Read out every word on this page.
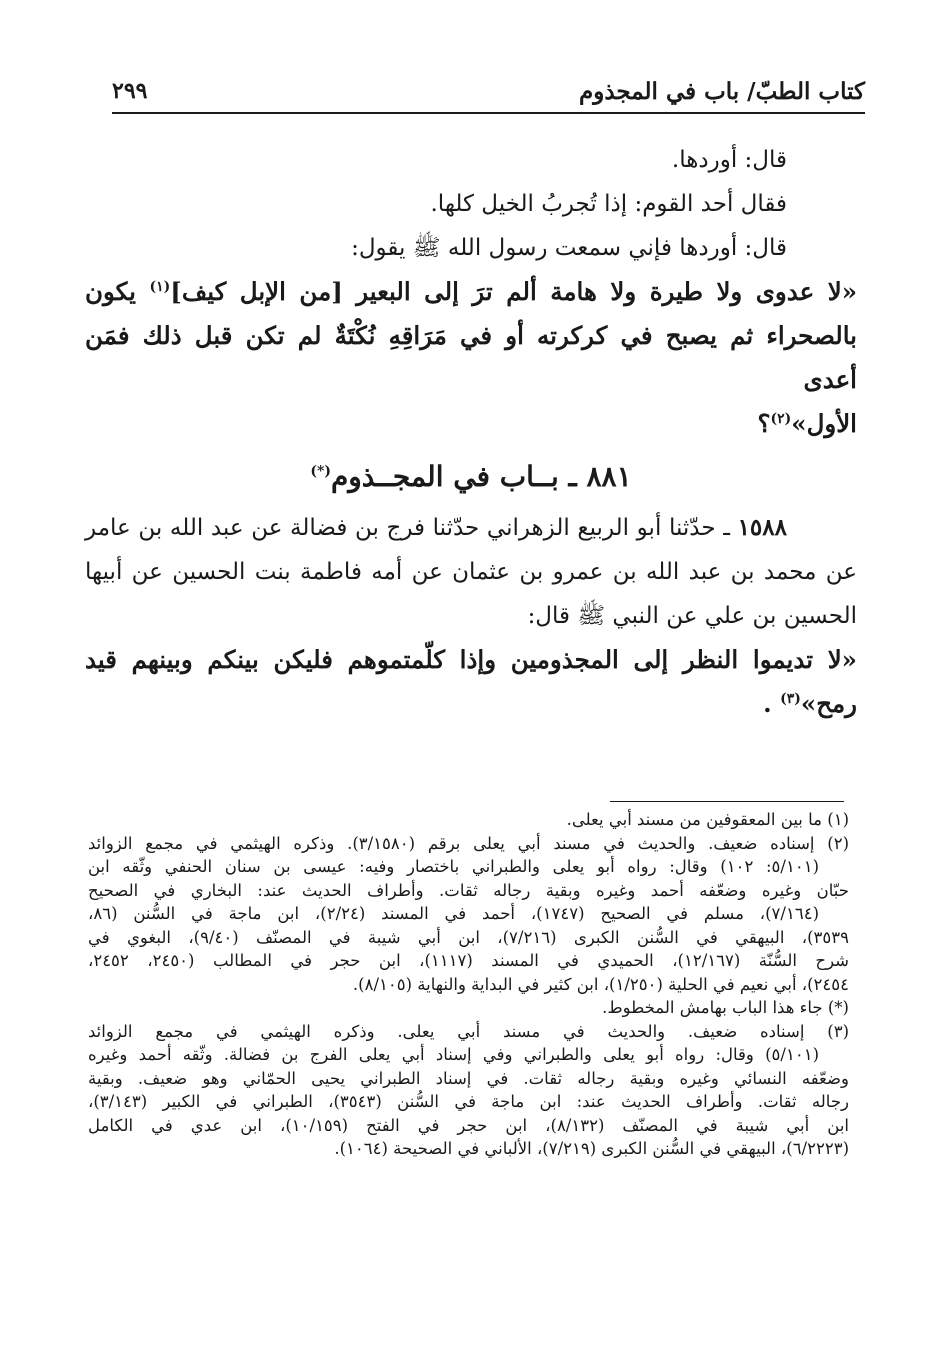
كتاب الطبّ/ باب في المجذوم
٢٩٩
قال: أوردها.
فقال أحد القوم: إذا تُجربُ الخيل كلها.
قال: أوردها فإني سمعت رسول الله ﷺ يقول:
«لا عدوى ولا طيرة ولا هامة ألم ترَ إلى البعير [من الإبل كيف]$^{(١)}$ يكون
بالصحراء ثم يصبح في كركرته أو في مَرَاقِهِ نُكْتَةٌ لم تكن قبل ذلك فمَن أعدى
الأول»$^{(٢)}$؟
٨٨١ ـ بــاب في المجــذوم(*)
١٥٨٨ ـ حدّثنا أبو الربيع الزهراني حدّثنا فرج بن فضالة عن عبد الله بن عامر
عن محمد بن عبد الله بن عمرو بن عثمان عن أمه فاطمة بنت الحسين عن أبيها
الحسين بن علي عن النبي ﷺ قال:
«لا تديموا النظر إلى المجذومين وإذا كلّمتموهم فليكن بينكم وبينهم قيد
رمح»$^{(٣)}$ .
(١) ما بين المعقوفين من مسند أبي يعلى.
(٢) إسناده ضعيف. والحديث في مسند أبي يعلى برقم (٣/١٥٨٠). وذكره الهيثمي في مجمع الزوائد
(٥/١٠١: ١٠٢) وقال: رواه أبو يعلى والطبراني باختصار وفيه: عيسى بن سنان الحنفي وثّقه ابن
حبّان وغيره وضعّفه أحمد وغيره وبقية رجاله ثقات. وأطراف الحديث عند: البخاري في الصحيح
(٧/١٦٤)، مسلم في الصحيح (١٧٤٧)، أحمد في المسند (٢/٢٤)، ابن ماجة في السُّنن (٨٦،
٣٥٣٩)، البيهقي في السُّنن الكبرى (٧/٢١٦)، ابن أبي شيبة في المصنّف (٩/٤٠)، البغوي في
شرح السُّنّة (١٢/١٦٧)، الحميدي في المسند (١١١٧)، ابن حجر في المطالب (٢٤٥٠، ٢٤٥٢،
٢٤٥٤)، أبي نعيم في الحلية (١/٢٥٠)، ابن كثير في البداية والنهاية (٨/١٠٥).
(*) جاء هذا الباب بهامش المخطوط.
(٣) إسناده ضعيف. والحديث في مسند أبي يعلى. وذكره الهيثمي في مجمع الزوائد
(٥/١٠١) وقال: رواه أبو يعلى والطبراني وفي إسناد أبي يعلى الفرج بن فضالة. وثّقه أحمد وغيره
وضعّفه النسائي وغيره وبقية رجاله ثقات. في إسناد الطبراني يحيى الحمّاني وهو ضعيف. وبقية
رجاله ثقات. وأطراف الحديث عند: ابن ماجة في السُّنن (٣٥٤٣)، الطبراني في الكبير (٣/١٤٣)،
ابن أبي شيبة في المصنّف (٨/١٣٢)، ابن حجر في الفتح (١٠/١٥٩)، ابن عدي في الكامل
(٦/٢٢٢٣)، البيهقي في السُّنن الكبرى (٧/٢١٩)، الألباني في الصحيحة (١٠٦٤).
